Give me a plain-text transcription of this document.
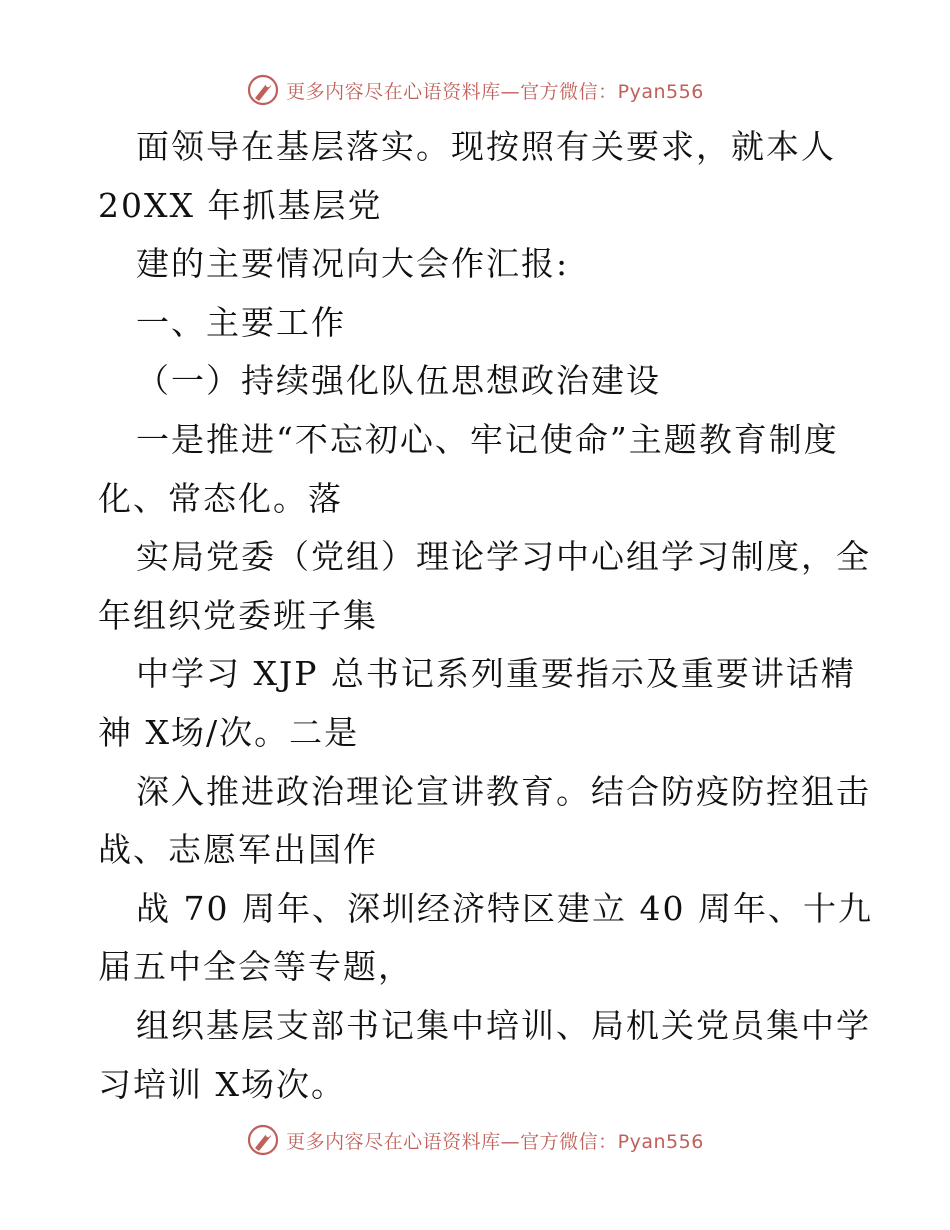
更多内容尽在心语资料库—官方微信：Pyan556
面领导在基层落实。现按照有关要求，就本人
20XX 年抓基层党
建的主要情况向大会作汇报:
一、主要工作
（一）持续强化队伍思想政治建设
一是推进“不忘初心、牢记使命”主题教育制度
化、常态化。落
实局党委（党组）理论学习中心组学习制度，全
年组织党委班子集
中学习 XJP 总书记系列重要指示及重要讲话精
神 X场/次。二是
深入推进政治理论宣讲教育。结合防疫防控狙击
战、志愿军出国作
战 70 周年、深圳经济特区建立 40 周年、十九
届五中全会等专题，
组织基层支部书记集中培训、局机关党员集中学
习培训 X场次。
更多内容尽在心语资料库—官方微信：Pyan556
